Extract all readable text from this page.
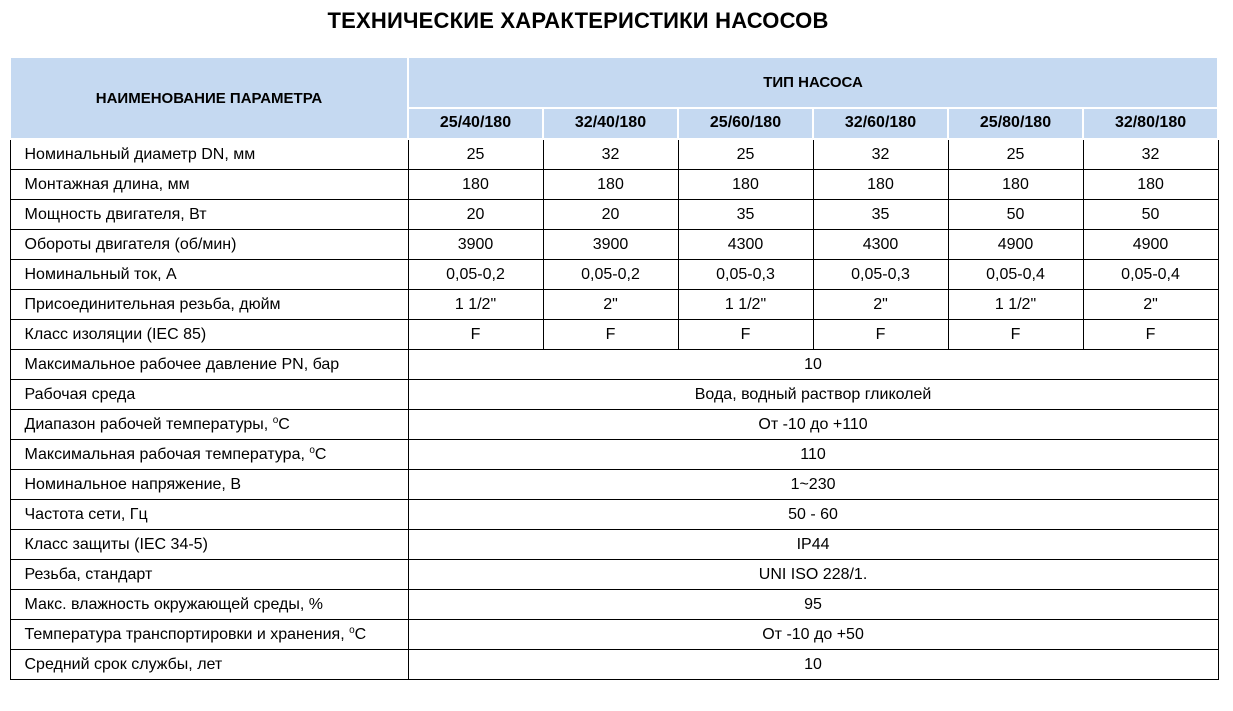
ТЕХНИЧЕСКИЕ ХАРАКТЕРИСТИКИ НАСОСОВ
НАИМЕНОВАНИЕ ПАРАМЕТРА	ТИП НАСОСА					
	25/40/180	32/40/180	25/60/180	32/60/180	25/80/180	32/80/180
Номинальный диаметр DN, мм	25	32	25	32	25	32
Монтажная длина, мм	180	180	180	180	180	180
Мощность двигателя, Вт	20	20	35	35	50	50
Обороты двигателя (об/мин)	3900	3900	4300	4300	4900	4900
Номинальный ток, А	0,05-0,2	0,05-0,2	0,05-0,3	0,05-0,3	0,05-0,4	0,05-0,4
Присоединительная резьба, дюйм	1 1/2"	2"	1 1/2"	2"	1 1/2"	2"
Класс изоляции (IEC 85)	F	F	F	F	F	F
Максимальное рабочее давление PN, бар	10					
Рабочая среда	Вода, водный раствор гликолей					
Диапазон рабочей температуры, $^o$C	От -10 до +110					
Максимальная рабочая температура, $^o$C	110					
Номинальное напряжение, В	1~230					
Частота сети, Гц	50 - 60					
Класс защиты (IEC 34-5)	IP44					
Резьба, стандарт	UNI ISO 228/1.					
Макс. влажность окружающей среды, %	95					
Температура транспортировки и хранения, $^o$C	От -10 до +50					
Средний срок службы, лет	10					
